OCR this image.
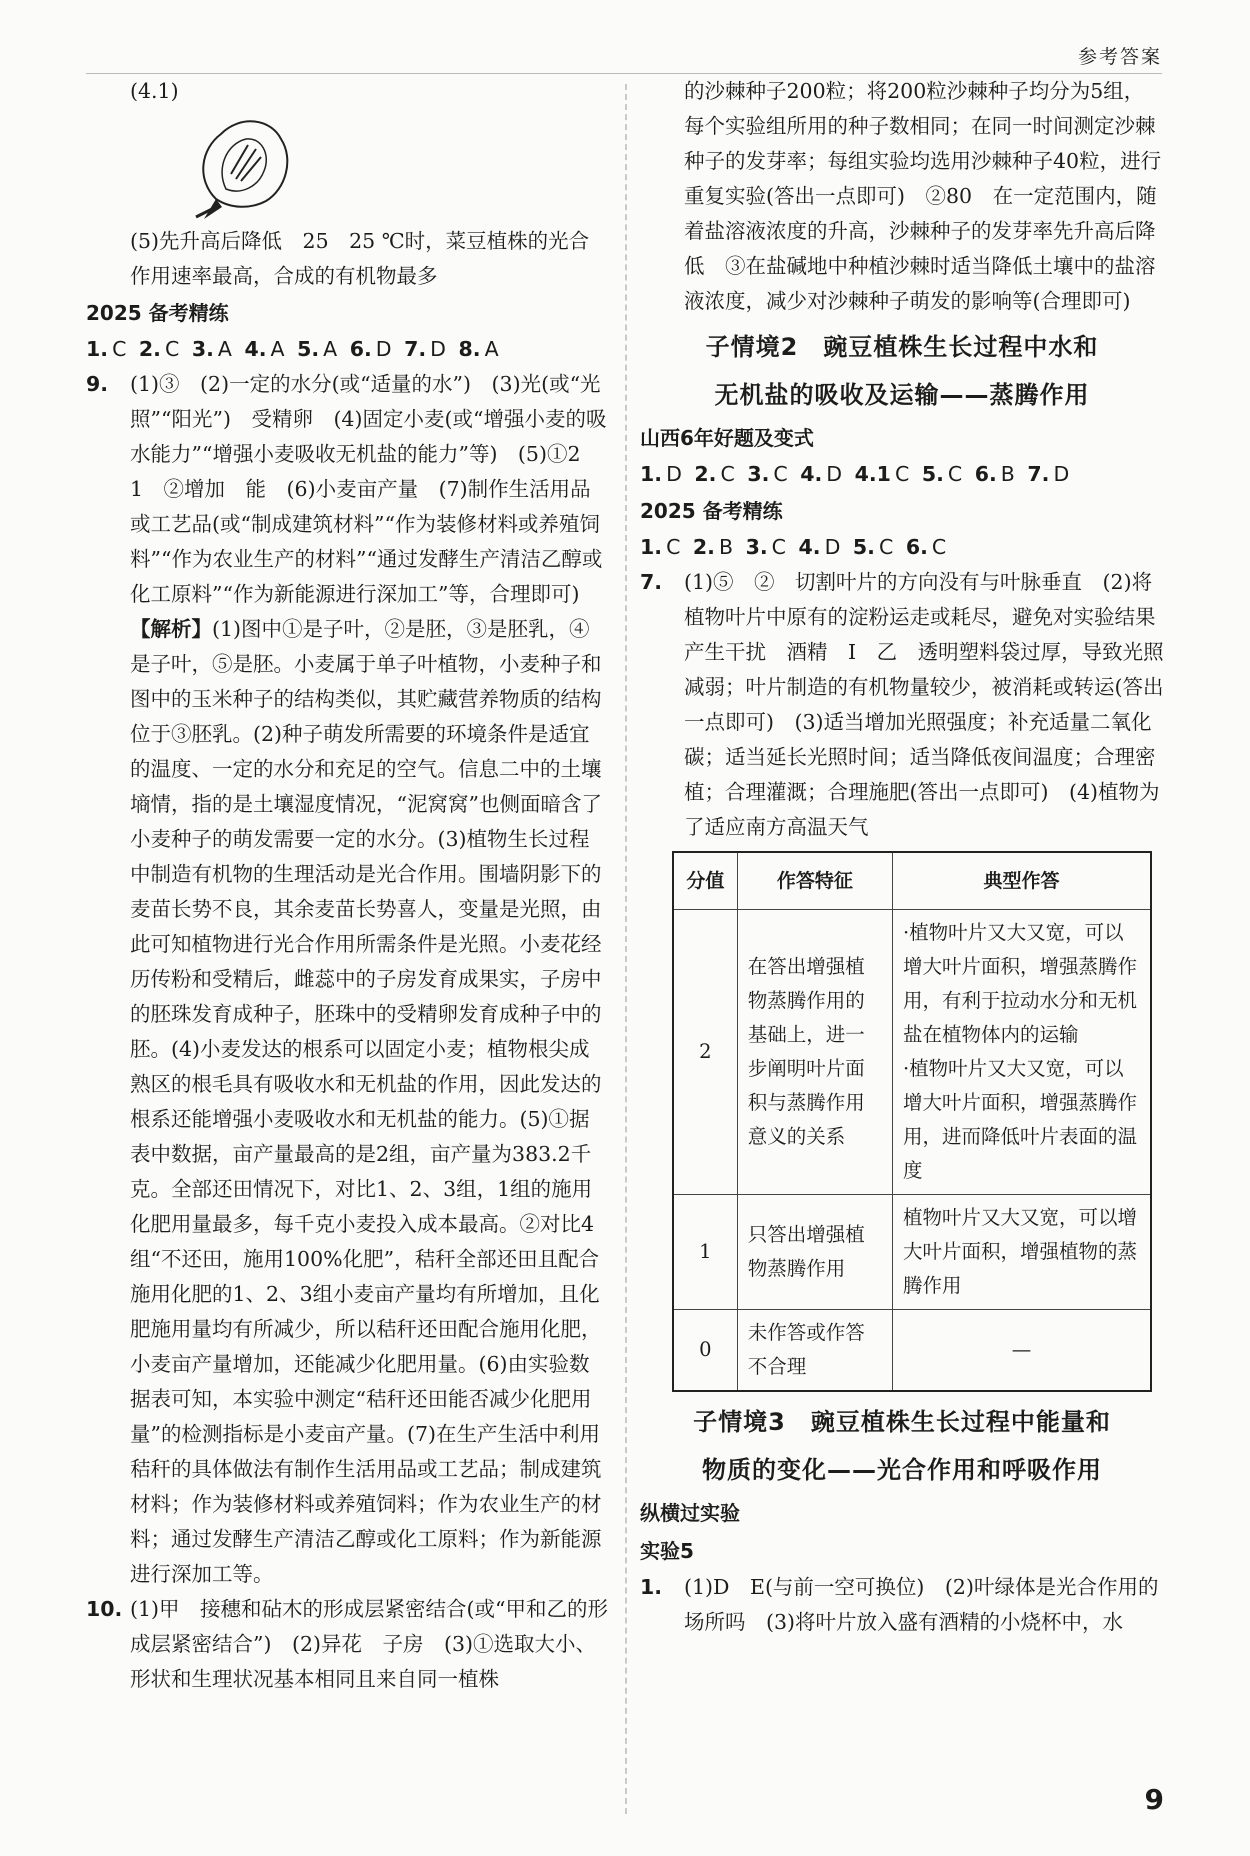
参考答案

(4.1)

(5)先升高后降低　25　25 ℃时，菜豆植株的光合作用速率最高，合成的有机物最多

2025 备考精练

1. C 2. C 3. A 4. A 5. A 6. D 7. D 8. A

9. (1)③　(2)一定的水分(或“适量的水”)　(3)光(或“光照”“阳光”)　受精卵　(4)固定小麦(或“增强小麦的吸水能力”“增强小麦吸收无机盐的能力”等)　(5)①2　1　②增加　能　(6)小麦亩产量　(7)制作生活用品或工艺品(或“制成建筑材料”“作为装修材料或养殖饲料”“作为农业生产的材料”“通过发酵生产清洁乙醇或化工原料”“作为新能源进行深加工”等，合理即可)

【解析】(1)图中①是子叶，②是胚，③是胚乳，④是子叶，⑤是胚。小麦属于单子叶植物，小麦种子和图中的玉米种子的结构类似，其贮藏营养物质的结构位于③胚乳。(2)种子萌发所需要的环境条件是适宜的温度、一定的水分和充足的空气。信息二中的土壤墒情，指的是土壤湿度情况，“泥窝窝”也侧面暗含了小麦种子的萌发需要一定的水分。(3)植物生长过程中制造有机物的生理活动是光合作用。围墙阴影下的麦苗长势不良，其余麦苗长势喜人，变量是光照，由此可知植物进行光合作用所需条件是光照。小麦花经历传粉和受精后，雌蕊中的子房发育成果实，子房中的胚珠发育成种子，胚珠中的受精卵发育成种子中的胚。(4)小麦发达的根系可以固定小麦；植物根尖成熟区的根毛具有吸收水和无机盐的作用，因此发达的根系还能增强小麦吸收水和无机盐的能力。(5)①据表中数据，亩产量最高的是2组，亩产量为383.2千克。全部还田情况下，对比1、2、3组，1组的施用化肥用量最多，每千克小麦投入成本最高。②对比4组“不还田，施用100%化肥”，秸秆全部还田且配合施用化肥的1、2、3组小麦亩产量均有所增加，且化肥施用量均有所减少，所以秸秆还田配合施用化肥，小麦亩产量增加，还能减少化肥用量。(6)由实验数据表可知，本实验中测定“秸秆还田能否减少化肥用量”的检测指标是小麦亩产量。(7)在生产生活中利用秸秆的具体做法有制作生活用品或工艺品；制成建筑材料；作为装修材料或养殖饲料；作为农业生产的材料；通过发酵生产清洁乙醇或化工原料；作为新能源进行深加工等。

10. (1)甲　接穗和砧木的形成层紧密结合(或“甲和乙的形成层紧密结合”)　(2)异花　子房　(3)①选取大小、形状和生理状况基本相同且来自同一植株

的沙棘种子200粒；将200粒沙棘种子均分为5组，每个实验组所用的种子数相同；在同一时间测定沙棘种子的发芽率；每组实验均选用沙棘种子40粒，进行重复实验(答出一点即可)　②80　在一定范围内，随着盐溶液浓度的升高，沙棘种子的发芽率先升高后降低　③在盐碱地中种植沙棘时适当降低土壤中的盐溶液浓度，减少对沙棘种子萌发的影响等(合理即可)

子情境2　豌豆植株生长过程中水和

无机盐的吸收及运输——蒸腾作用

山西6年好题及变式

1. D 2. C 3. C 4. D 4.1 C 5. C 6. B 7. D

2025 备考精练

1. C 2. B 3. C 4. D 5. C 6. C

7. (1)⑤　②　切割叶片的方向没有与叶脉垂直　(2)将植物叶片中原有的淀粉运走或耗尽，避免对实验结果产生干扰　酒精　Ⅰ　乙　透明塑料袋过厚，导致光照减弱；叶片制造的有机物量较少，被消耗或转运(答出一点即可)　(3)适当增加光照强度；补充适量二氧化碳；适当延长光照时间；适当降低夜间温度；合理密植；合理灌溉；合理施肥(答出一点即可)　(4)植物为了适应南方高温天气

分值	作答特征	典型作答
2	在答出增强植物蒸腾作用的基础上，进一步阐明叶片面积与蒸腾作用意义的关系	·植物叶片又大又宽，可以增大叶片面积，增强蒸腾作用，有利于拉动水分和无机盐在植物体内的运输
·植物叶片又大又宽，可以增大叶片面积，增强蒸腾作用，进而降低叶片表面的温度

1	只答出增强植物蒸腾作用	植物叶片又大又宽，可以增大叶片面积，增强植物的蒸腾作用
0	未作答或作答不合理	—

子情境3　豌豆植株生长过程中能量和

物质的变化——光合作用和呼吸作用

纵横过实验

实验5

1. (1)D　E(与前一空可换位)　(2)叶绿体是光合作用的场所吗　(3)将叶片放入盛有酒精的小烧杯中，水

9
